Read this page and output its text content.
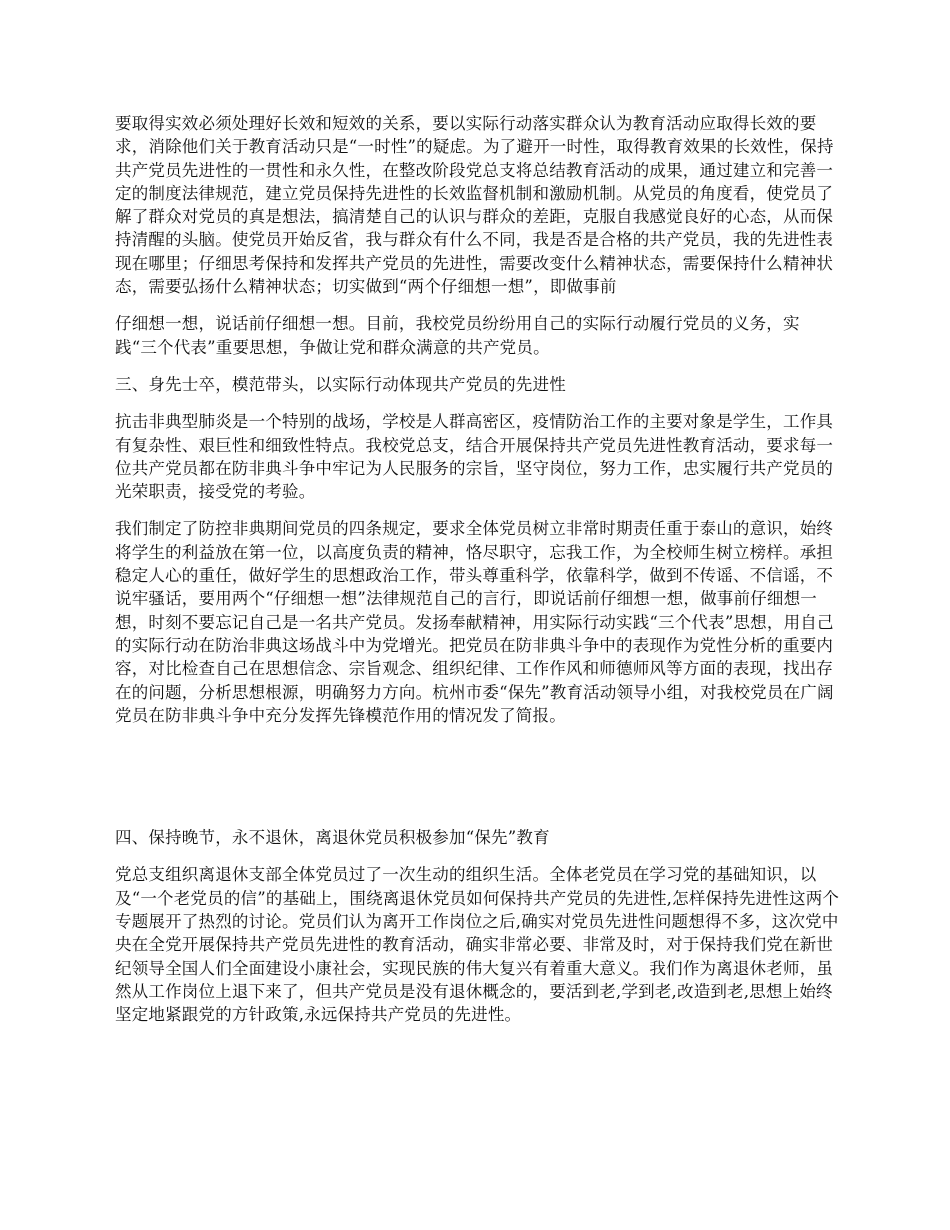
要取得实效必须处理好长效和短效的关系，要以实际行动落实群众认为教育活动应取得长效的要求，消除他们关于教育活动只是“一时性”的疑虑。为了避开一时性，取得教育效果的长效性，保持共产党员先进性的一贯性和永久性，在整改阶段党总支将总结教育活动的成果，通过建立和完善一定的制度法律规范，建立党员保持先进性的长效监督机制和激励机制。从党员的角度看，使党员了解了群众对党员的真是想法，搞清楚自己的认识与群众的差距，克服自我感觉良好的心态，从而保持清醒的头脑。使党员开始反省，我与群众有什么不同，我是否是合格的共产党员，我的先进性表现在哪里；仔细思考保持和发挥共产党员的先进性，需要改变什么精神状态，需要保持什么精神状态，需要弘扬什么精神状态；切实做到“两个仔细想一想”，即做事前

仔细想一想，说话前仔细想一想。目前，我校党员纷纷用自己的实际行动履行党员的义务，实践“三个代表”重要思想，争做让党和群众满意的共产党员。

三、身先士卒，模范带头，以实际行动体现共产党员的先进性

抗击非典型肺炎是一个特别的战场，学校是人群高密区，疫情防治工作的主要对象是学生，工作具有复杂性、艰巨性和细致性特点。我校党总支，结合开展保持共产党员先进性教育活动，要求每一位共产党员都在防非典斗争中牢记为人民服务的宗旨，坚守岗位，努力工作，忠实履行共产党员的光荣职责，接受党的考验。

我们制定了防控非典期间党员的四条规定，要求全体党员树立非常时期责任重于泰山的意识，始终将学生的利益放在第一位，以高度负责的精神，恪尽职守，忘我工作，为全校师生树立榜样。承担稳定人心的重任，做好学生的思想政治工作，带头尊重科学，依靠科学，做到不传谣、不信谣，不说牢骚话，要用两个“仔细想一想”法律规范自己的言行，即说话前仔细想一想，做事前仔细想一想，时刻不要忘记自己是一名共产党员。发扬奉献精神，用实际行动实践“三个代表”思想，用自己的实际行动在防治非典这场战斗中为党增光。把党员在防非典斗争中的表现作为党性分析的重要内容，对比检查自己在思想信念、宗旨观念、组织纪律、工作作风和师德师风等方面的表现，找出存在的问题，分析思想根源，明确努力方向。杭州市委“保先”教育活动领导小组，对我校党员在广阔党员在防非典斗争中充分发挥先锋模范作用的情况发了简报。

四、保持晚节，永不退休，离退休党员积极参加“保先”教育

党总支组织离退休支部全体党员过了一次生动的组织生活。全体老党员在学习党的基础知识，以及“一个老党员的信”的基础上，围绕离退休党员如何保持共产党员的先进性,怎样保持先进性这两个专题展开了热烈的讨论。党员们认为离开工作岗位之后,确实对党员先进性问题想得不多，这次党中央在全党开展保持共产党员先进性的教育活动，确实非常必要、非常及时，对于保持我们党在新世纪领导全国人们全面建设小康社会，实现民族的伟大复兴有着重大意义。我们作为离退休老师，虽然从工作岗位上退下来了，但共产党员是没有退休概念的，要活到老,学到老,改造到老,思想上始终坚定地紧跟党的方针政策,永远保持共产党员的先进性。
